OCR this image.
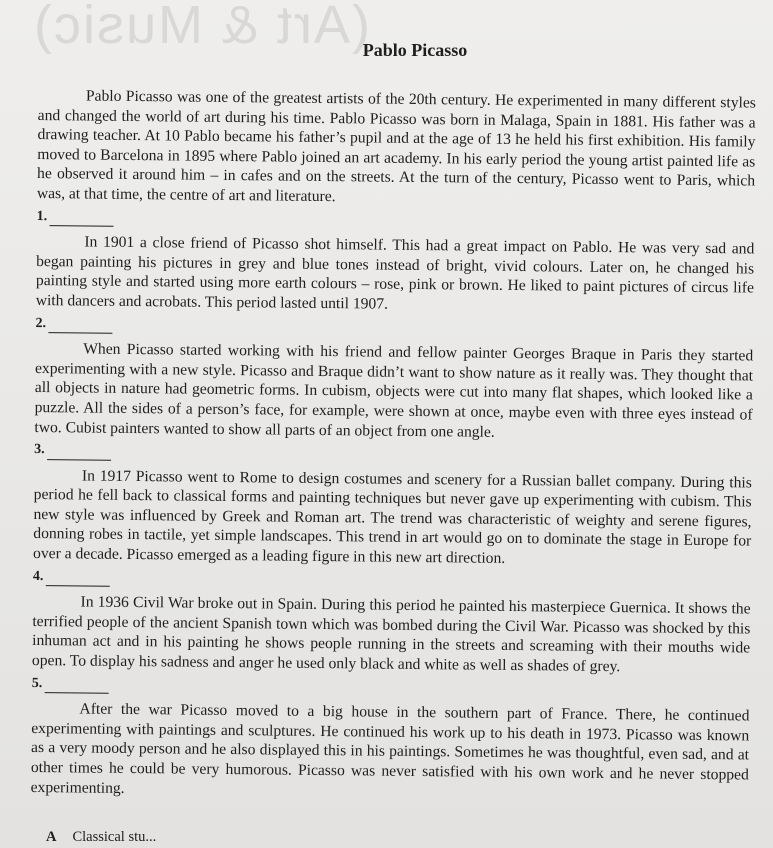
(Art & Music)
Pablo Picasso

Pablo Picasso was one of the greatest artists of the 20th century. He experimented in many different styles and changed the world of art during his time. Pablo Picasso was born in Malaga, Spain in 1881. His father was a drawing teacher. At 10 Pablo became his father’s pupil and at the age of 13 he held his first exhibition. His family moved to Barcelona in 1895 where Pablo joined an art academy. In his early period the young artist painted life as he observed it around him – in cafes and on the streets. At the turn of the century, Picasso went to Paris, which was, at that time, the centre of art and literature.

1.

In 1901 a close friend of Picasso shot himself. This had a great impact on Pablo. He was very sad and began painting his pictures in grey and blue tones instead of bright, vivid colours. Later on, he changed his painting style and started using more earth colours – rose, pink or brown. He liked to paint pictures of circus life with dancers and acrobats. This period lasted until 1907.

2.

When Picasso started working with his friend and fellow painter Georges Braque in Paris they started experimenting with a new style. Picasso and Braque didn’t want to show nature as it really was. They thought that all objects in nature had geometric forms. In cubism, objects were cut into many flat shapes, which looked like a puzzle. All the sides of a person’s face, for example, were shown at once, maybe even with three eyes instead of two. Cubist painters wanted to show all parts of an object from one angle.

3.

In 1917 Picasso went to Rome to design costumes and scenery for a Russian ballet company. During this period he fell back to classical forms and painting techniques but never gave up experimenting with cubism. This new style was influenced by Greek and Roman art. The trend was characteristic of weighty and serene figures, donning robes in tactile, yet simple landscapes. This trend in art would go on to dominate the stage in Europe for over a decade. Picasso emerged as a leading figure in this new art direction.

4.

In 1936 Civil War broke out in Spain. During this period he painted his masterpiece Guernica. It shows the terrified people of the ancient Spanish town which was bombed during the Civil War. Picasso was shocked by this inhuman act and in his painting he shows people running in the streets and screaming with their mouths wide open. To display his sadness and anger he used only black and white as well as shades of grey.

5.

After the war Picasso moved to a big house in the southern part of France. There, he continued experimenting with paintings and sculptures. He continued his work up to his death in 1973. Picasso was known as a very moody person and he also displayed this in his paintings. Sometimes he was thoughtful, even sad, and at other times he could be very humorous. Picasso was never satisfied with his own work and he never stopped experimenting.

A Classical stu...
